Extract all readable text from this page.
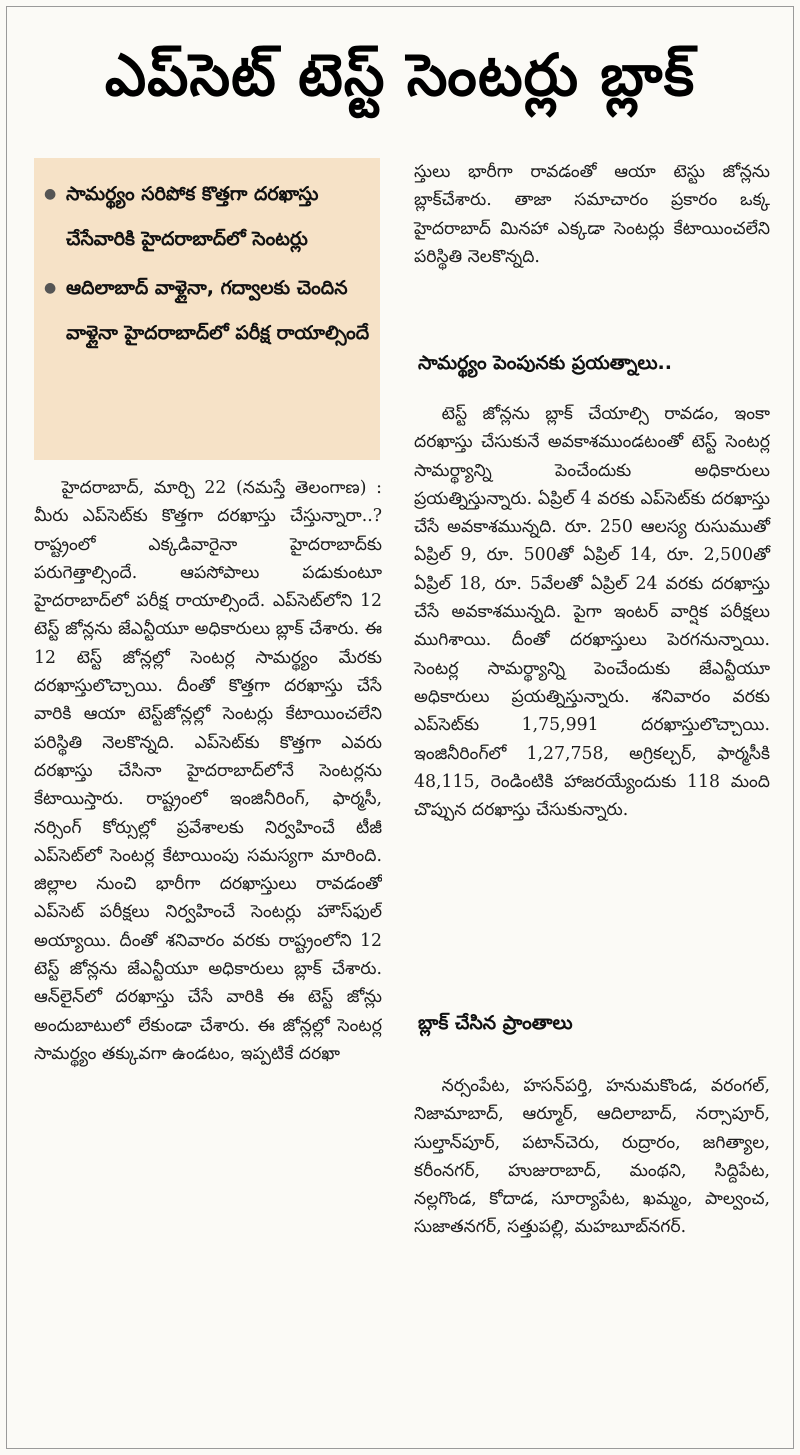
ఎప్‌సెట్ టెస్ట్ సెంటర్లు బ్లాక్
● సామర్థ్యం సరిపోక కొత్తగా దరఖాస్తు చేసేవారికి హైదరాబాద్‌లో సెంటర్లు
● ఆదిలాబాద్ వాళ్లైనా, గద్వాలకు చెందిన వాళ్లైనా హైదరాబాద్‌లో పరీక్ష రాయాల్సిందే

హైదరాబాద్, మార్చి 22 (నమస్తే తెలంగాణ) : మీరు ఎప్‌సెట్‌కు కొత్తగా దరఖాస్తు చేస్తున్నారా..? రాష్ట్రంలో ఎక్కడివారైనా హైదరాబాద్‌కు పరుగెత్తాల్సిందే. ఆపసోపాలు పడుకుంటూ హైదరాబాద్‌లో పరీక్ష రాయాల్సిందే. ఎప్‌సెట్‌లోని 12 టెస్ట్ జోన్లను జేఎన్టీయూ అధికారులు బ్లాక్ చేశారు. ఈ 12 టెస్ట్ జోన్లల్లో సెంటర్ల సామర్థ్యం మేరకు దరఖాస్తులొచ్చాయి. దీంతో కొత్తగా దరఖాస్తు చేసే వారికి ఆయా టెస్ట్‌జోన్లల్లో సెంటర్లు కేటాయించలేని పరిస్థితి నెలకొన్నది. ఎప్‌సెట్‌కు కొత్తగా ఎవరు దరఖాస్తు చేసినా హైదరాబాద్‌లోనే సెంటర్లను కేటాయిస్తారు. రాష్ట్రంలో ఇంజినీరింగ్, ఫార్మసీ, నర్సింగ్ కోర్సుల్లో ప్రవేశాలకు నిర్వహించే టీజీ ఎప్‌సెట్‌లో సెంటర్ల కేటాయింపు సమస్యగా మారింది. జిల్లాల నుంచి భారీగా దరఖాస్తులు రావడంతో ఎప్‌సెట్ పరీక్షలు నిర్వహించే సెంటర్లు హౌస్‌ఫుల్ అయ్యాయి. దీంతో శనివారం వరకు రాష్ట్రంలోని 12 టెస్ట్ జోన్లను జేఎన్టీయూ అధికారులు బ్లాక్ చేశారు. ఆన్‌లైన్‌లో దరఖాస్తు చేసే వారికి ఈ టెస్ట్ జోన్లు అందుబాటులో లేకుండా చేశారు. ఈ జోన్లల్లో సెంటర్ల సామర్థ్యం తక్కువగా ఉండటం, ఇప్పటికే దరఖా

స్తులు భారీగా రావడంతో ఆయా టెస్టు జోన్లను బ్లాక్‌చేశారు. తాజా సమాచారం ప్రకారం ఒక్క హైదరాబాద్ మినహా ఎక్కడా సెంటర్లు కేటాయించలేని పరిస్థితి నెలకొన్నది.
సామర్థ్యం పెంపునకు ప్రయత్నాలు..

టెస్ట్ జోన్లను బ్లాక్ చేయాల్సి రావడం, ఇంకా దరఖాస్తు చేసుకునే అవకాశముండటంతో టెస్ట్ సెంటర్ల సామర్థ్యాన్ని పెంచేందుకు అధికారులు ప్రయత్నిస్తున్నారు. ఏప్రిల్ 4 వరకు ఎప్‌సెట్‌కు దరఖాస్తు చేసే అవకాశమున్నది. రూ. 250 ఆలస్య రుసుముతో ఏప్రిల్ 9, రూ. 500తో ఏప్రిల్ 14, రూ. 2,500తో ఏప్రిల్ 18, రూ. 5వేలతో ఏప్రిల్ 24 వరకు దరఖాస్తు చేసే అవకాశమున్నది. పైగా ఇంటర్ వార్షిక పరీక్షలు ముగిశాయి. దీంతో దరఖాస్తులు పెరగనున్నాయి. సెంటర్ల సామర్థ్యాన్ని పెంచేందుకు జేఎన్టీయూ అధికారులు ప్రయత్నిస్తున్నారు. శనివారం వరకు ఎప్‌సెట్‌కు 1,75,991 దరఖాస్తులొచ్చాయి. ఇంజినీరింగ్‌లో 1,27,758, అగ్రికల్చర్, ఫార్మసీకి 48,115, రెండింటికి హాజరయ్యేందుకు 118 మంది చొప్పున దరఖాస్తు చేసుకున్నారు.

బ్లాక్ చేసిన ప్రాంతాలు

నర్సంపేట, హసన్‌పర్తి, హనుమకొండ, వరంగల్, నిజామాబాద్, ఆర్మూర్, ఆదిలాబాద్, నర్సాపూర్, సుల్తాన్‌పూర్, పటాన్‌చెరు, రుద్రారం, జగిత్యాల, కరీంనగర్, హుజురాబాద్, మంథని, సిద్దిపేట, నల్లగొండ, కోదాడ, సూర్యాపేట, ఖమ్మం, పాల్వంచ, సుజాతనగర్, సత్తుపల్లి, మహబూబ్‌నగర్.
